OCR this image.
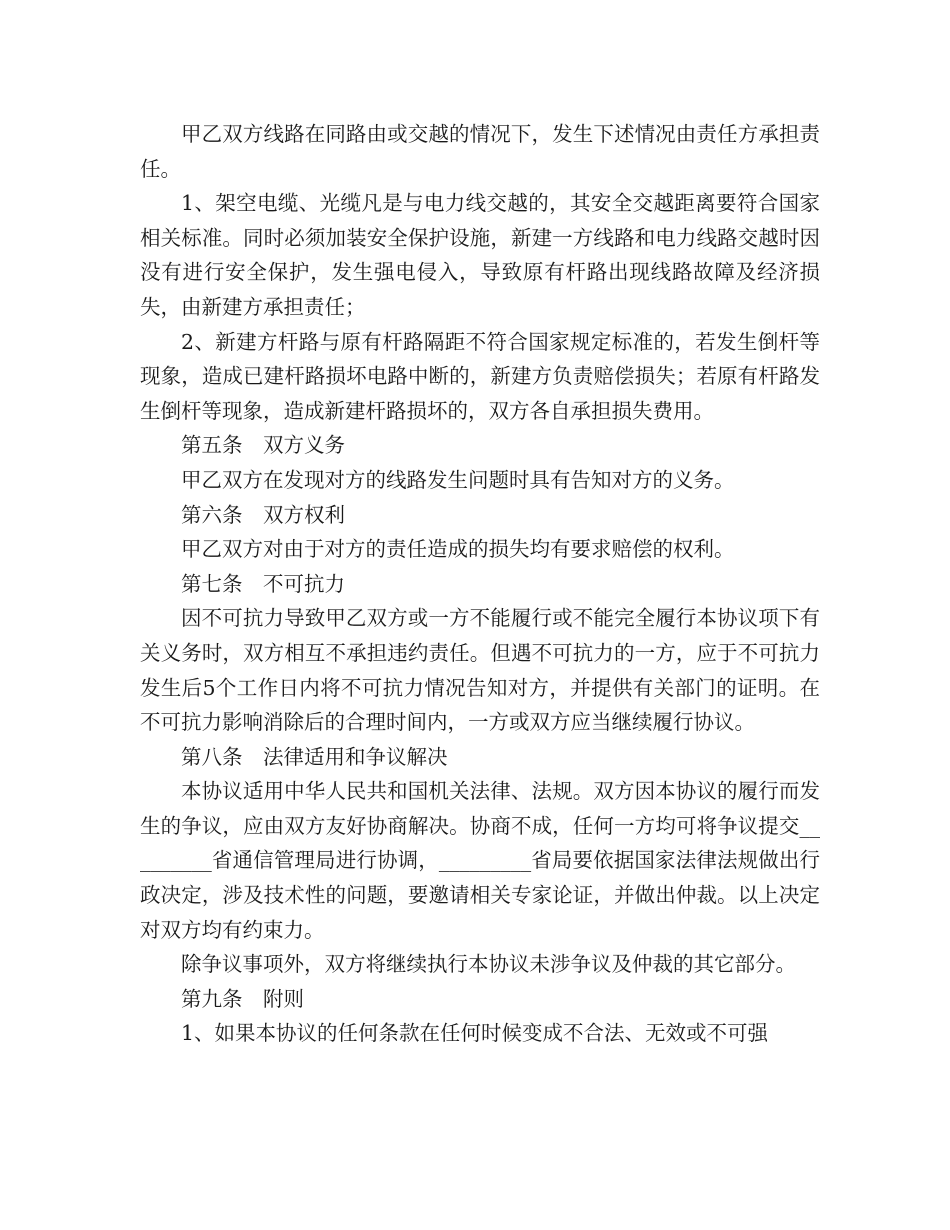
甲乙双方线路在同路由或交越的情况下，发生下述情况由责任方承担责任。

1、架空电缆、光缆凡是与电力线交越的，其安全交越距离要符合国家相关标准。同时必须加装安全保护设施，新建一方线路和电力线路交越时因没有进行安全保护，发生强电侵入，导致原有杆路出现线路故障及经济损失，由新建方承担责任；

2、新建方杆路与原有杆路隔距不符合国家规定标准的，若发生倒杆等现象，造成已建杆路损坏电路中断的，新建方负责赔偿损失；若原有杆路发生倒杆等现象，造成新建杆路损坏的，双方各自承担损失费用。

第五条　双方义务

甲乙双方在发现对方的线路发生问题时具有告知对方的义务。

第六条　双方权利

甲乙双方对由于对方的责任造成的损失均有要求赔偿的权利。

第七条　不可抗力

因不可抗力导致甲乙双方或一方不能履行或不能完全履行本协议项下有关义务时，双方相互不承担违约责任。但遇不可抗力的一方，应于不可抗力发生后5个工作日内将不可抗力情况告知对方，并提供有关部门的证明。在不可抗力影响消除后的合理时间内，一方或双方应当继续履行协议。

第八条　法律适用和争议解决

本协议适用中华人民共和国机关法律、法规。双方因本协议的履行而发生的争议，应由双方友好协商解决。协商不成，任何一方均可将争议提交_________省通信管理局进行协调，_________省局要依据国家法律法规做出行政决定，涉及技术性的问题，要邀请相关专家论证，并做出仲裁。以上决定对双方均有约束力。

除争议事项外，双方将继续执行本协议未涉争议及仲裁的其它部分。

第九条　附则

1、如果本协议的任何条款在任何时候变成不合法、无效或不可强
